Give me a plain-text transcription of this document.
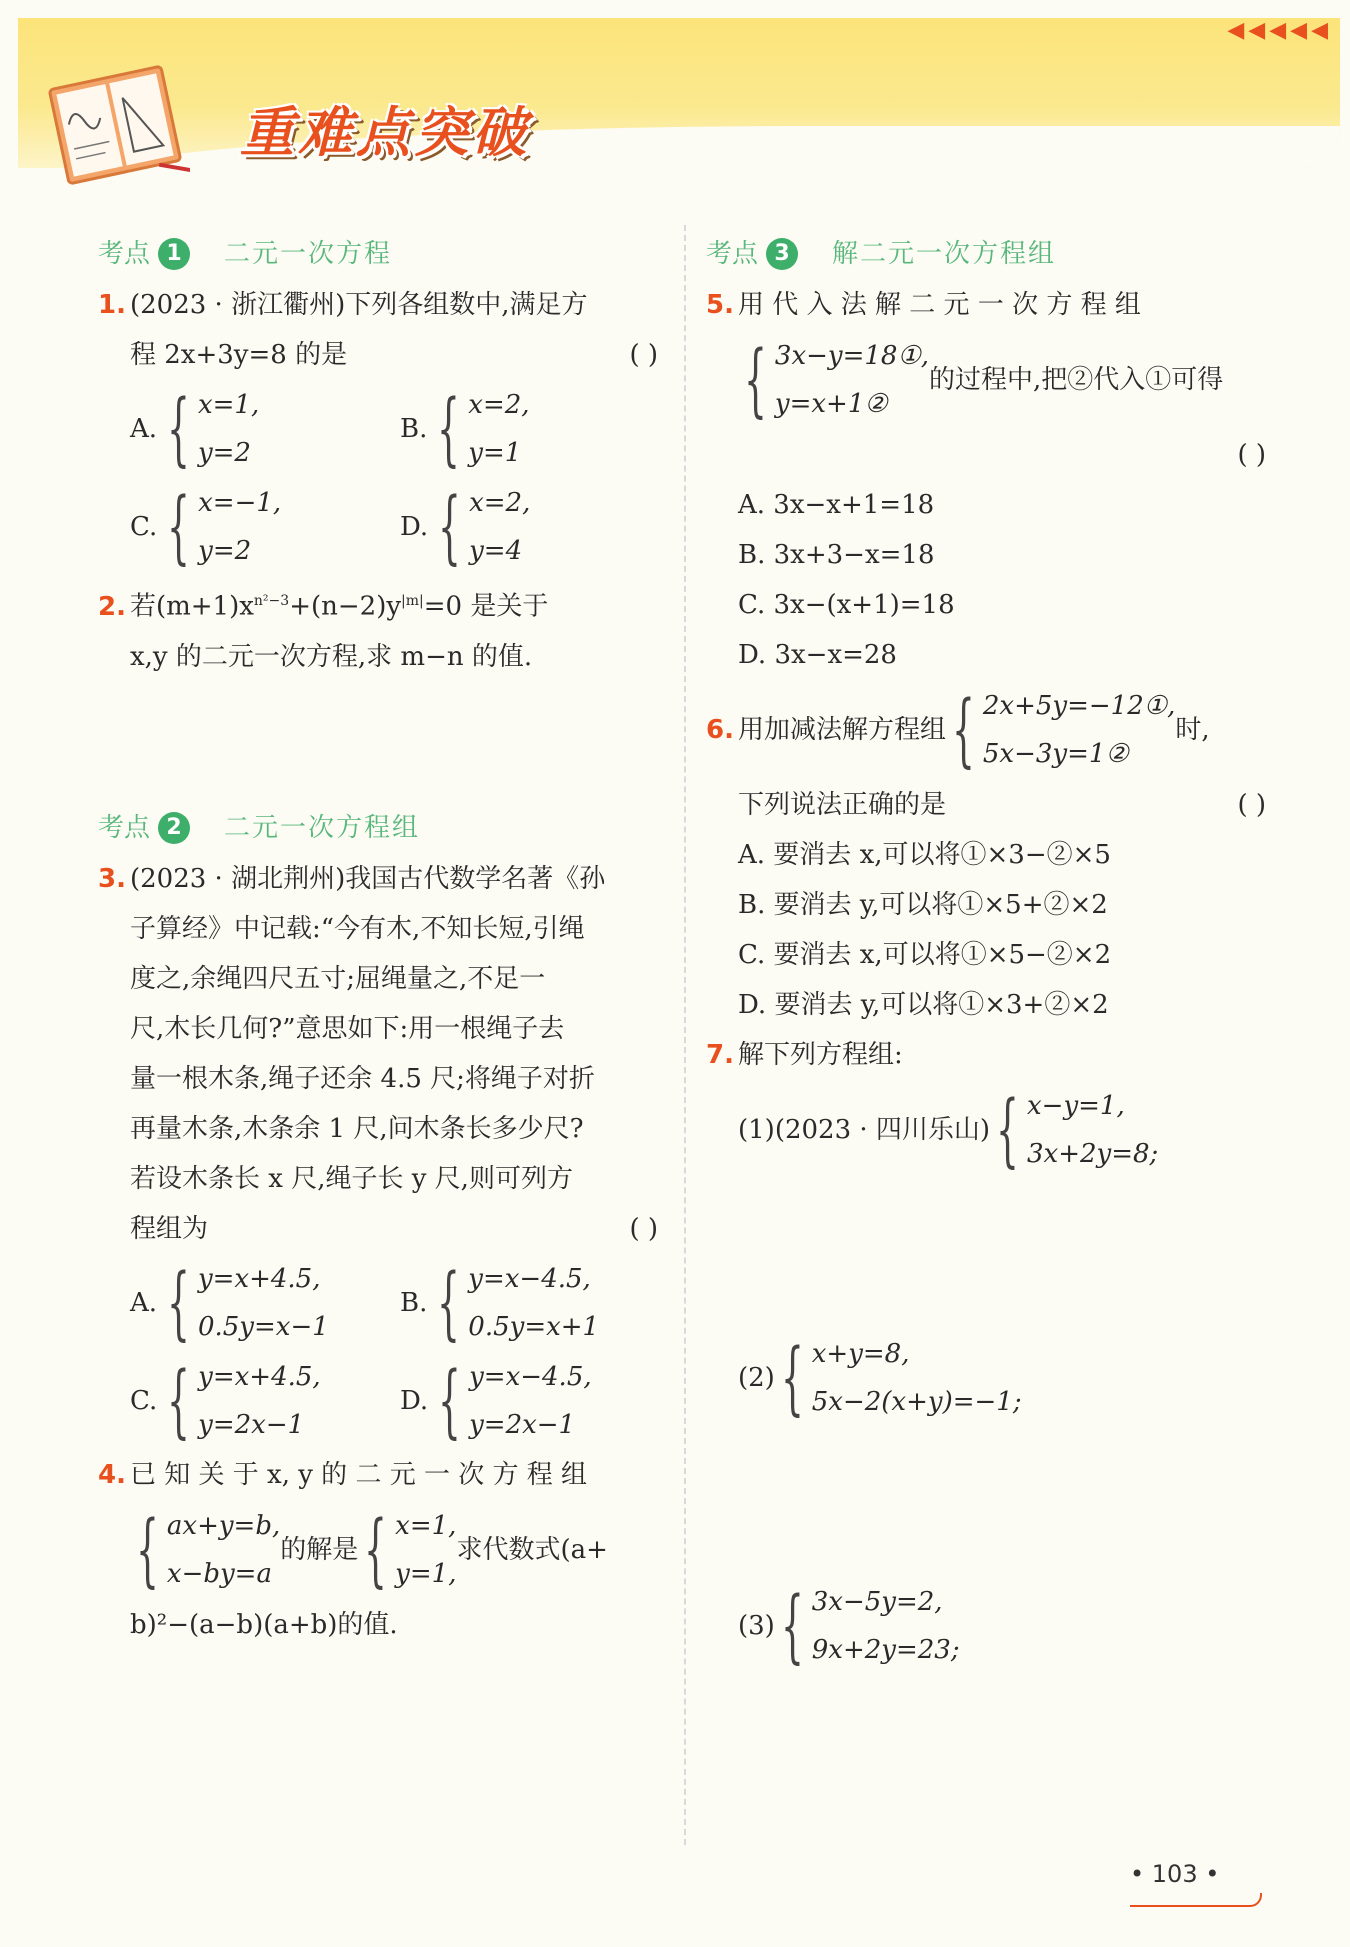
重难点突破
◀◀◀◀◀
考点 1	二元一次方程
1. (2023 · 浙江衢州)下列各组数中,满足方
程 2x+3y=8 的是	( )
A. { x=1,
y=2
B. { x=2,
y=1
C. { x=−1,
y=2
D. { x=2,
y=4
2. 若$(m+1)x^{n^2-3}+(n-2)y^{|m|}=0$ 是关于
x,y 的二元一次方程,求 m−n 的值.
考点 2	二元一次方程组
3. (2023 · 湖北荆州)我国古代数学名著《孙
子算经》中记载:“今有木,不知长短,引绳
度之,余绳四尺五寸;屈绳量之,不足一
尺,木长几何?”意思如下:用一根绳子去
量一根木条,绳子还余 4.5 尺;将绳子对折
再量木条,木条余 1 尺,问木条长多少尺?
若设木条长 x 尺,绳子长 y 尺,则可列方
程组为	( )
A. { y=x+4.5,
0.5y=x−1
B. { y=x−4.5,
0.5y=x+1
C. { y=x+4.5,
y=2x−1
D. { y=x−4.5,
y=2x−1
4. 已 知 关 于 x, y 的 二 元 一 次 方 程 组
{ ax+y=b,
x−by=a
的解是 { x=1,
y=1,
求代数式(a+
b)²−(a−b)(a+b)的值.
考点 3	解二元一次方程组
5. 用 代 入 法 解 二 元 一 次 方 程 组
{ 3x−y=18①,
y=x+1②
的过程中,把②代入①可得
( )

A. 3x−x+1=18
B. 3x+3−x=18
C. 3x−(x+1)=18
D. 3x−x=28
6. 用加减法解方程组 { 2x+5y=−12①,
5x−3y=1②
时,
下列说法正确的是	( )
A. 要消去 x,可以将①×3−②×5
B. 要消去 y,可以将①×5+②×2
C. 要消去 x,可以将①×5−②×2
D. 要消去 y,可以将①×3+②×2
7. 解下列方程组:
(1)(2023 · 四川乐山) { x−y=1,
3x+2y=8;
(2) { x+y=8,
5x−2(x+y)=−1;
(3) { 3x−5y=2,
9x+2y=23;
• 103 •
